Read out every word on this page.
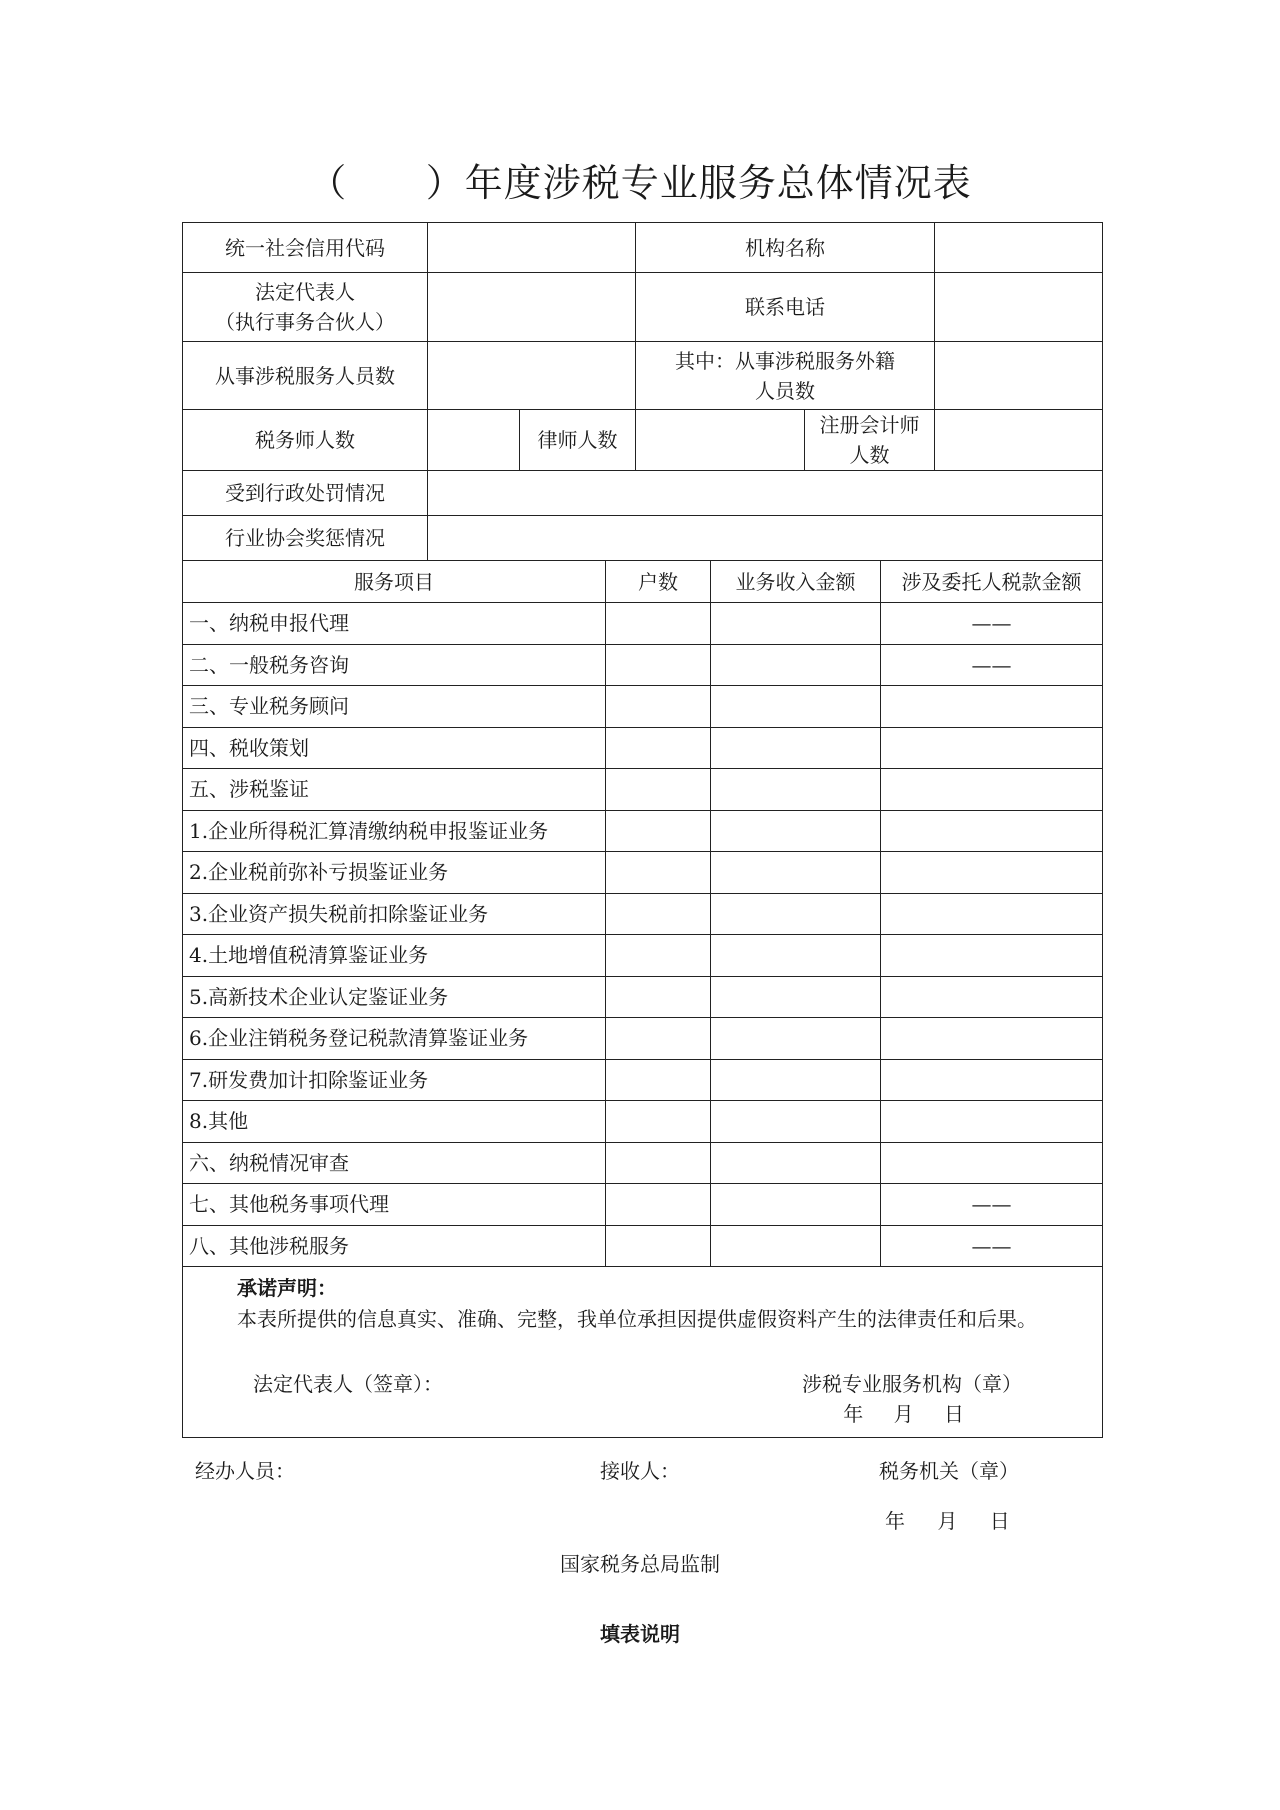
（      ）年度涉税专业服务总体情况表
统一社会信用代码				机构名称				

法定代表人
（执行事务合伙人）				联系电话				
从事涉税服务人员数				其中：从事涉税服务外籍
人员数				

税务师人数		律师人数				注册会计师人数		
受到行政处罚情况								
行业协会奖惩情况								
服务项目			户数		业务收入金额		涉及委托人税款金额	
一、纳税申报代理							——	
二、一般税务咨询							——	
三、专业税务顾问								
四、税收策划								
五、涉税鉴证								
1.企业所得税汇算清缴纳税申报鉴证业务								
2.企业税前弥补亏损鉴证业务								
3.企业资产损失税前扣除鉴证业务								
4.土地增值税清算鉴证业务								
5.高新技术企业认定鉴证业务								
6.企业注销税务登记税款清算鉴证业务								
7.研发费加计扣除鉴证业务								
8.其他								
六、纳税情况审查								
七、其他税务事项代理							——	
八、其他涉税服务							——	

承诺声明：
本表所提供的信息真实、准确、完整，我单位承担因提供虚假资料产生的法律责任和后果。
法定代表人（签章）： 涉税专业服务机构（章）
年 月 日								
经办人员：	接收人：	税务机关（章）
年 月 日
国家税务总局监制
填表说明
